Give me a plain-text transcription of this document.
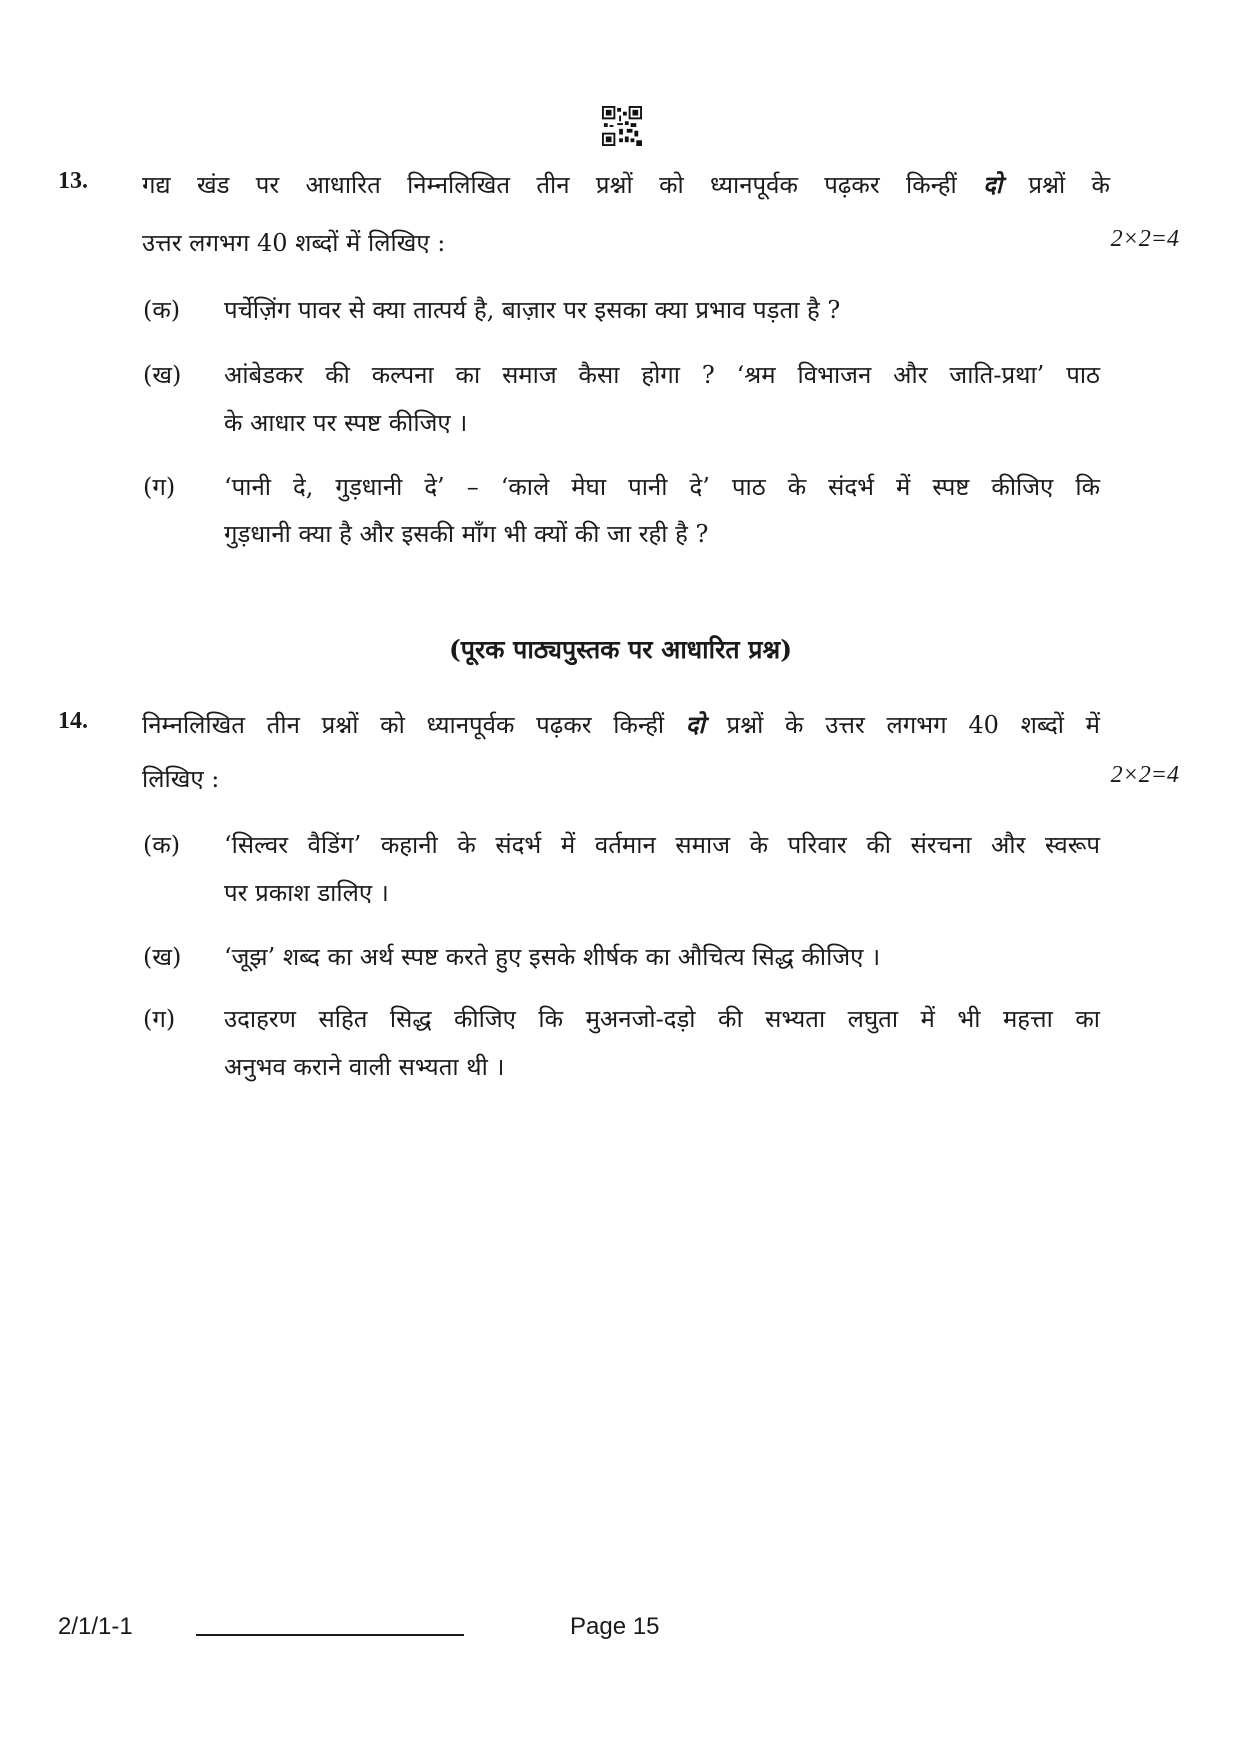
13. गद्य खंड पर आधारित निम्नलिखित तीन प्रश्नों को ध्यानपूर्वक पढ़कर किन्हीं दो प्रश्नों के
उत्तर लगभग 40 शब्दों में लिखिए :	2×2=4
(क) पर्चेज़िंग पावर से क्या तात्पर्य है, बाज़ार पर इसका क्या प्रभाव पड़ता है ?
(ख) आंबेडकर की कल्पना का समाज कैसा होगा ? ‘श्रम विभाजन और जाति-प्रथा’ पाठ
के आधार पर स्पष्ट कीजिए ।
(ग) ‘पानी दे, गुड़धानी दे’ – ‘काले मेघा पानी दे’ पाठ के संदर्भ में स्पष्ट कीजिए कि
गुड़धानी क्या है और इसकी माँग भी क्यों की जा रही है ?
(पूरक पाठ्यपुस्तक पर आधारित प्रश्न)
14. निम्नलिखित तीन प्रश्नों को ध्यानपूर्वक पढ़कर किन्हीं दो प्रश्नों के उत्तर लगभग 40 शब्दों में
लिखिए :	2×2=4
(क) ‘सिल्वर वैडिंग’ कहानी के संदर्भ में वर्तमान समाज के परिवार की संरचना और स्वरूप
पर प्रकाश डालिए ।
(ख) ‘जूझ’ शब्द का अर्थ स्पष्ट करते हुए इसके शीर्षक का औचित्य सिद्ध कीजिए ।
(ग) उदाहरण सहित सिद्ध कीजिए कि मुअनजो-दड़ो की सभ्यता लघुता में भी महत्ता का
अनुभव कराने वाली सभ्यता थी ।
2/1/1-1	Page 15
